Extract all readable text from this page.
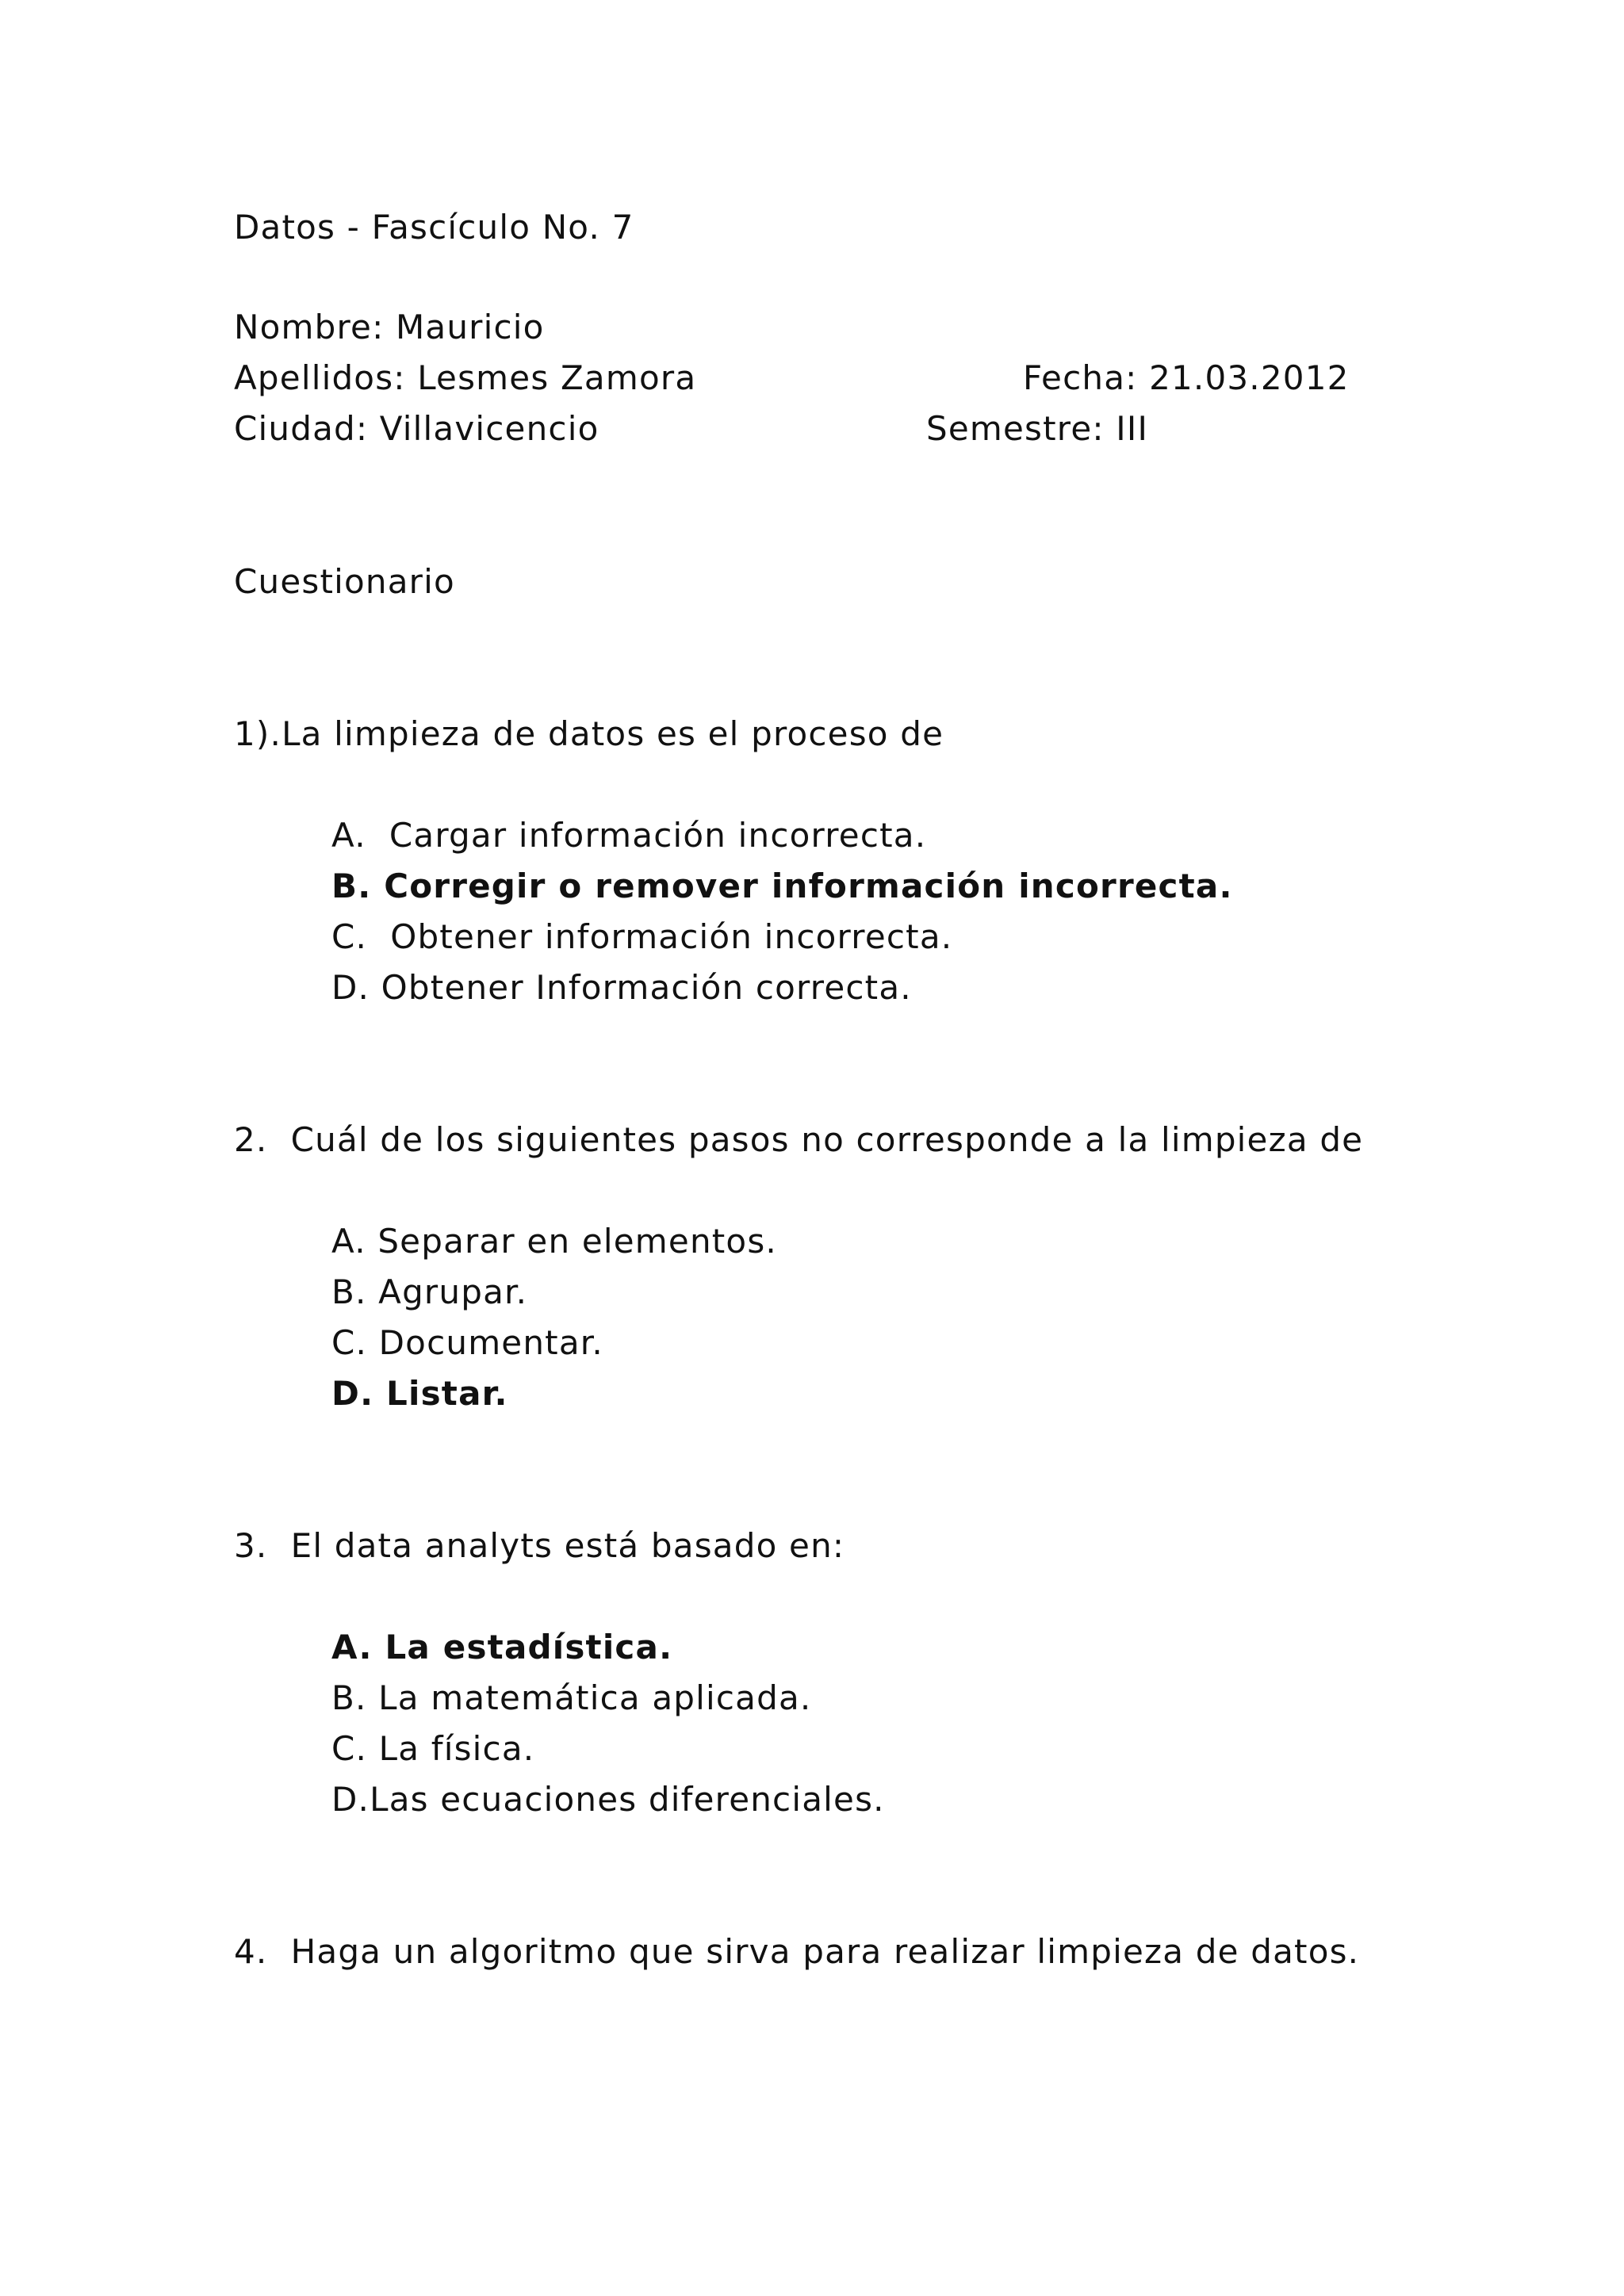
Datos - Fascículo No. 7
Nombre: Mauricio
Apellidos: Lesmes Zamora	Fecha: 21.03.2012
Ciudad: Villavicencio	Semestre: III
Cuestionario
1).La limpieza de datos es el proceso de
A. Cargar información incorrecta.
B. Corregir o remover información incorrecta.
C. Obtener información incorrecta.
D. Obtener Información correcta.
2. Cuál de los siguientes pasos no corresponde a la limpieza de
A. Separar en elementos.
B. Agrupar.
C. Documentar.
D. Listar.
3. El data analyts está basado en:
A. La estadística.
B. La matemática aplicada.
C. La física.
D.Las ecuaciones diferenciales.
4. Haga un algoritmo que sirva para realizar limpieza de datos.
